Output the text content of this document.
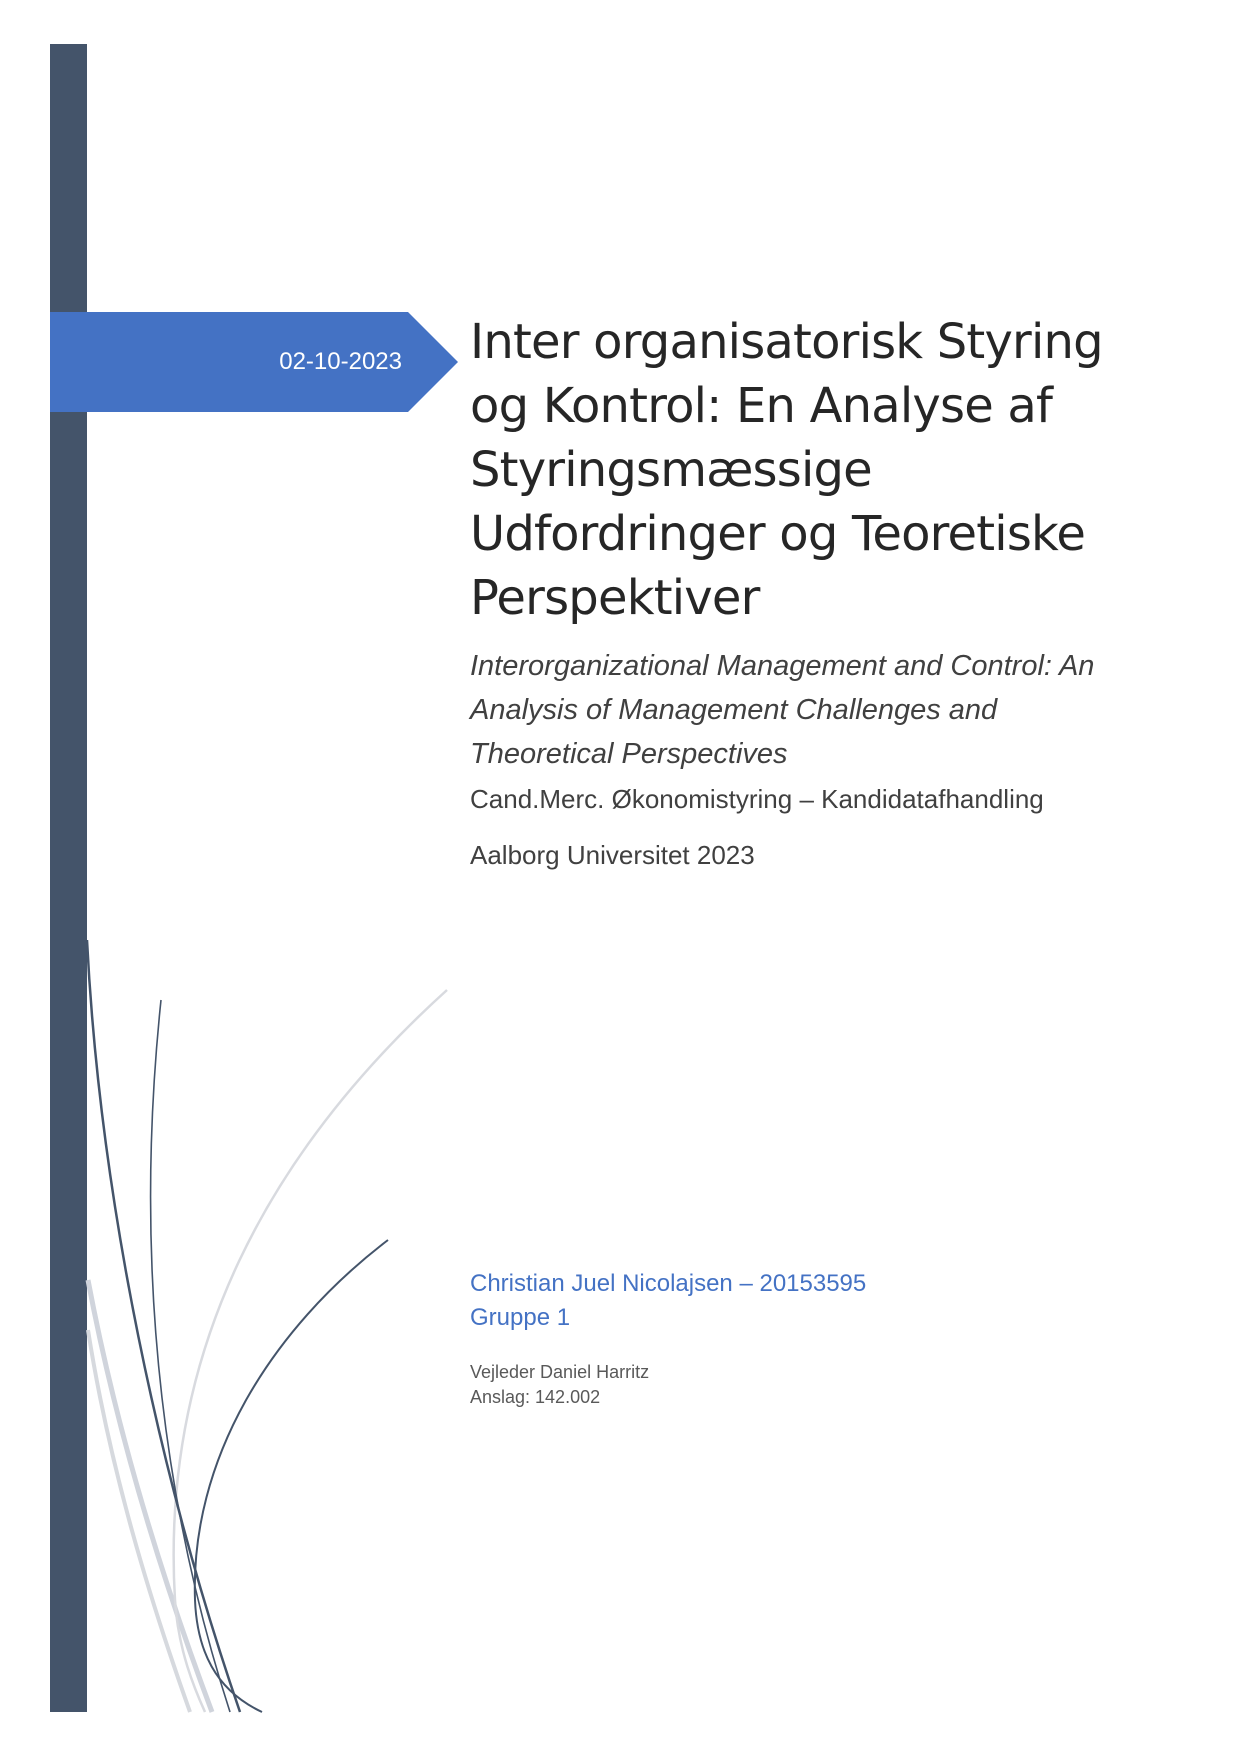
02-10-2023 Inter organisatorisk Styring og Kontrol: En Analyse af Styringsmæssige Udfordringer og Teoretiske Perspektiver

Interorganizational Management and Control: An Analysis of Management Challenges and Theoretical Perspectives

Cand.Merc. Økonomistyring – Kandidatafhandling
Aalborg Universitet 2023
Christian Juel Nicolajsen – 20153595
Gruppe 1
Vejleder Daniel Harritz
Anslag: 142.002
